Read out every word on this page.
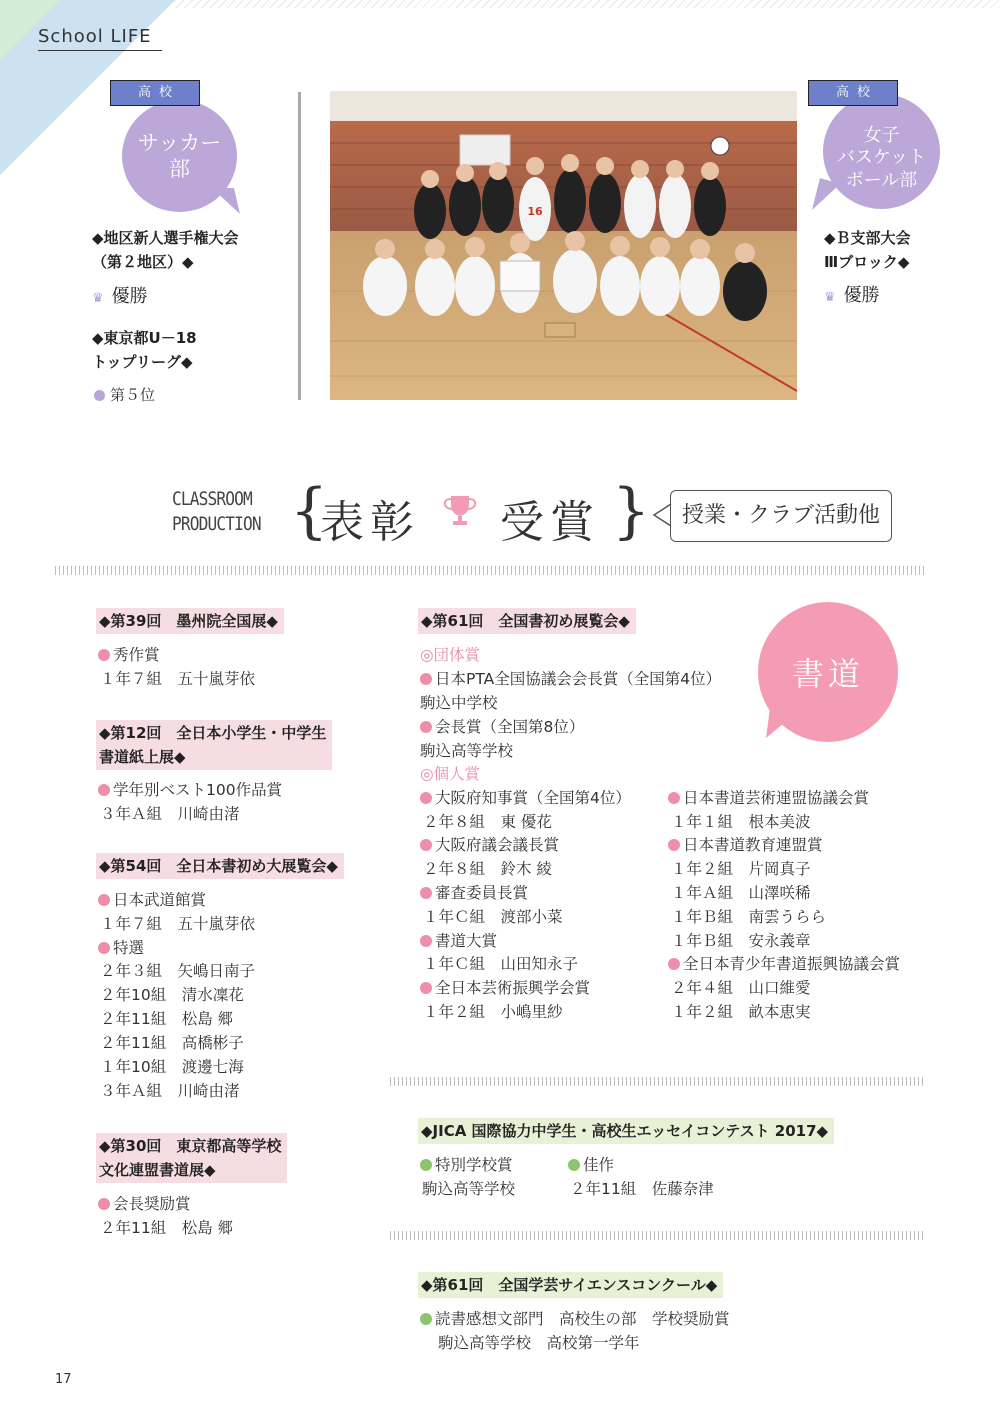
School LIFE
サッカー
部
高校
◆地区新人選手権大会
（第２地区）◆
♛ 優勝
◆東京都U－18
トップリーグ◆
第５位
16
女子
バスケット
ボール部
高校
◆Ｂ支部大会
Ⅲブロック◆
♛ 優勝
CLASSROOM
PRODUCTION {
表彰 受賞 }	授業・クラブ活動他
書道
◆第39回　墨州院全国展◆
秀作賞
１年７組　五十嵐芽依
◆第12回　全日本小学生・中学生
書道紙上展◆
学年別ベスト100作品賞
３年Ａ組　川崎由渚
◆第54回　全日本書初め大展覧会◆
日本武道館賞
１年７組　五十嵐芽依
特選
２年３組　矢嶋日南子
２年10組　清水凜花
２年11組　松島 郷
２年11組　高橋彬子
１年10組　渡邊七海
３年Ａ組　川崎由渚
◆第30回　東京都高等学校
文化連盟書道展◆
会長奨励賞
２年11組　松島 郷
◆第61回　全国書初め展覧会◆
◎団体賞
日本PTA全国協議会会長賞（全国第4位）
駒込中学校
会長賞（全国第8位）
駒込高等学校
◎個人賞
大阪府知事賞（全国第4位）
２年８組　東 優花
大阪府議会議長賞
２年８組　鈴木 綾
審査委員長賞
１年Ｃ組　渡部小菜
書道大賞
１年Ｃ組　山田知永子
全日本芸術振興学会賞
１年２組　小嶋里紗
日本書道芸術連盟協議会賞
１年１組　根本美波
日本書道教育連盟賞
１年２組　片岡真子
１年Ａ組　山澤咲稀
１年Ｂ組　南雲うらら
１年Ｂ組　安永義章
全日本青少年書道振興協議会賞
２年４組　山口維愛
１年２組　畝本恵実
◆JICA 国際協力中学生・高校生エッセイコンテスト 2017◆
特別学校賞
駒込高等学校
佳作
２年11組　佐藤奈津
◆第61回　全国学芸サイエンスコンクール◆
読書感想文部門　高校生の部　学校奨励賞
駒込高等学校　高校第一学年
17
